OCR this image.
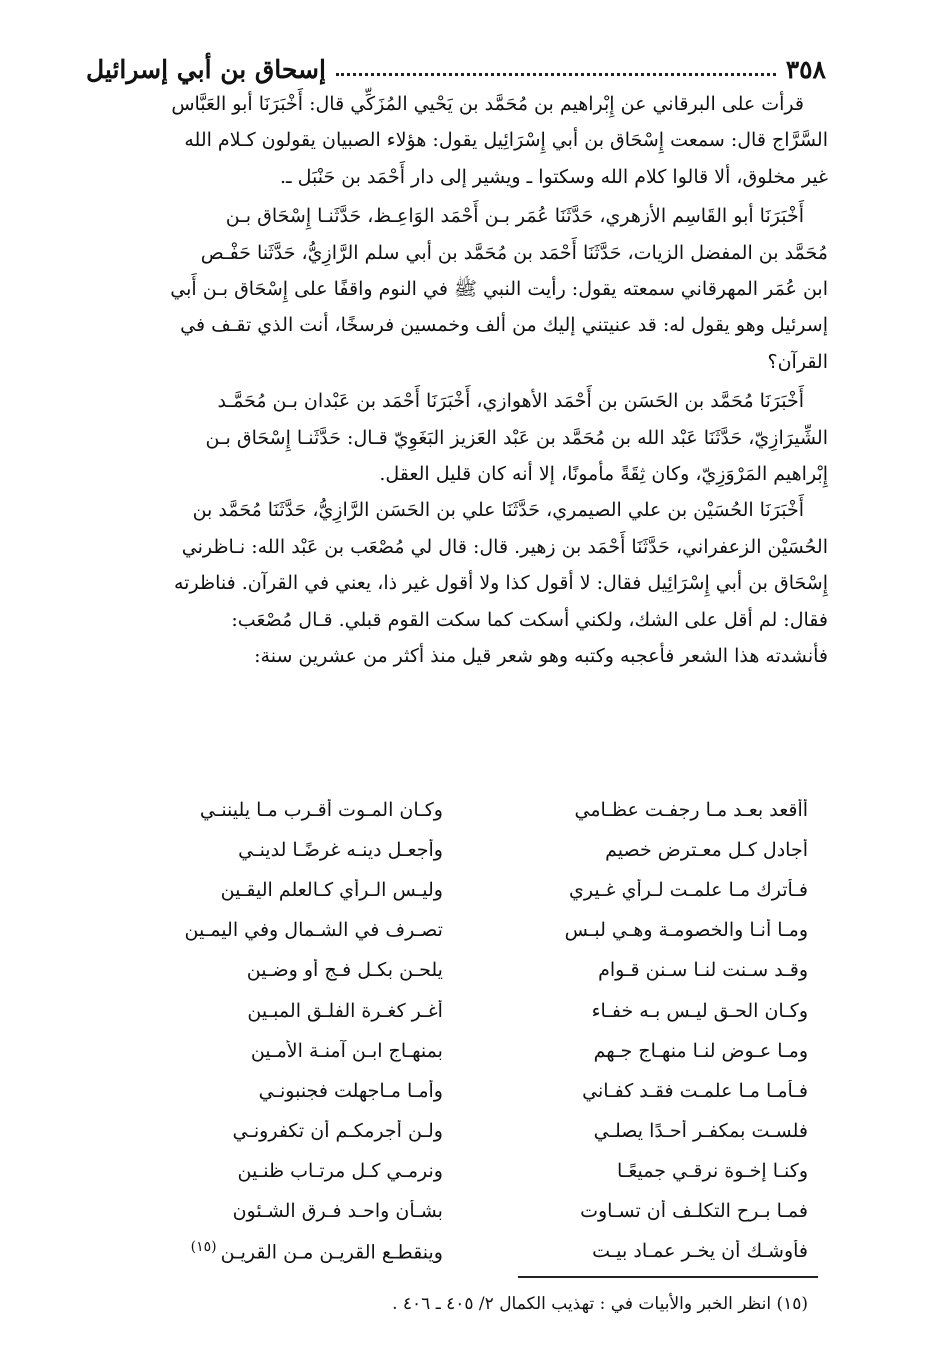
٣٥٨
إسحاق بن أبي إسرائيل

قرأت على البرقاني عن إِبْراهيم بن مُحَمَّد بن يَحْيي المُزَكِّي قال: أَخْبَرَنَا أبو العَبَّاس

السَّرَّاج قال: سمعت إِسْحَاق بن أبي إِسْرَائِيل يقول: هؤلاء الصبيان يقولون كـلام الله

غير مخلوق، ألا قالوا كلام الله وسكتوا ـ ويشير إلى دار أَحْمَد بن حَنْبَل ـ.

أَخْبَرَنَا أبو القَاسِم الأزهري، حَدَّثَنَا عُمَر بـن أَحْمَد الوَاعِـظ، حَدَّثَنـا إِسْحَاق بـن

مُحَمَّد بن المفضل الزيات، حَدَّثَنَا أَحْمَد بن مُحَمَّد بن أبي سلم الرَّازِيُّ، حَدَّثَنا حَفْـص

ابن عُمَر المهرقاني سمعته يقول: رأيت النبي ﷺ في النوم واقفًا على إِسْحَاق بـن أَبي

إسرئيل وهو يقول له: قد عنيتني إليك من ألف وخمسين فرسخًا، أنت الذي تقـف في

القرآن؟

أَخْبَرَنَا مُحَمَّد بن الحَسَن بن أَحْمَد الأهوازي، أَخْبَرَنَا أَحْمَد بن عَبْدان بـن مُحَمَّـد

الشِّيرَازِيّ، حَدَّثَنَا عَبْد الله بن مُحَمَّد بن عَبْد العَزيز البَغَوِيّ قـال: حَدَّثَنـا إِسْحَاق بـن

إِبْراهيم المَرْوَزِيّ، وكان ثِقَةً مأمونًا، إلا أنه كان قليل العقل.

أَخْبَرَنَا الحُسَيْن بن علي الصيمري، حَدَّثَنَا علي بن الحَسَن الرَّازِيُّ، حَدَّثَنَا مُحَمَّد بن

الحُسَيْن الزعفراني، حَدَّثَنَا أَحْمَد بن زهير. قال: قال لي مُصْعَب بن عَبْد الله: نـاظرني

إِسْحَاق بن أبي إِسْرَائِيل فقال: لا أقول كذا ولا أقول غير ذا، يعني في القرآن. فناظرته

فقال: لم أقل على الشك، ولكني أسكت كما سكت القوم قبلي. قـال مُصْعَب:

فأنشدته هذا الشعر فأعجبه وكتبه وهو شعر قيل منذ أكثر من عشرين سنة:

أأقعد بعـد مـا رجفـت عظـامي
وكـان المـوت أقـرب مـا يليننـي
أجادل كـل معـترض خصيم
وأجعـل دينـه غرضًـا لدينـي
فـأترك مـا علمـت لـرأي غـيري
وليـس الـرأي كـالعلم اليقـين
ومـا أنـا والخصومـة وهـي لبـس
تصـرف في الشـمال وفي اليمـين
وقـد سـنت لنـا سـنن قـوام
يلحـن بكـل فـج أو وضـين
وكـان الحـق ليـس بـه خفـاء
أغـر كغـرة الفلـق المبـين
ومـا عـوض لنـا منهـاج جـهم
بمنهـاج ابـن آمنـة الأمـين
فـأمـا مـا علمـت فقـد كفـاني
وأمـا مـاجهلت فجنبونـي
فلسـت بمكفـر أحـدًا يصلـي
ولـن أجرمكـم أن تكفرونـي
وكنـا إخـوة نرقـي جميعًـا
ونرمـي كـل مرتـاب ظنـين
فمـا بـرح التكلـف أن تسـاوت
بشـأن واحـد فـرق الشـئون
فأوشـك أن يخـر عمـاد بيـت
وينقطـع القريـن مـن القريـن$^{(١٥)}$
(١٥) انظر الخبر والأبيات في : تهذيب الكمال ٢/ ٤٠٥ ـ ٤٠٦ .
